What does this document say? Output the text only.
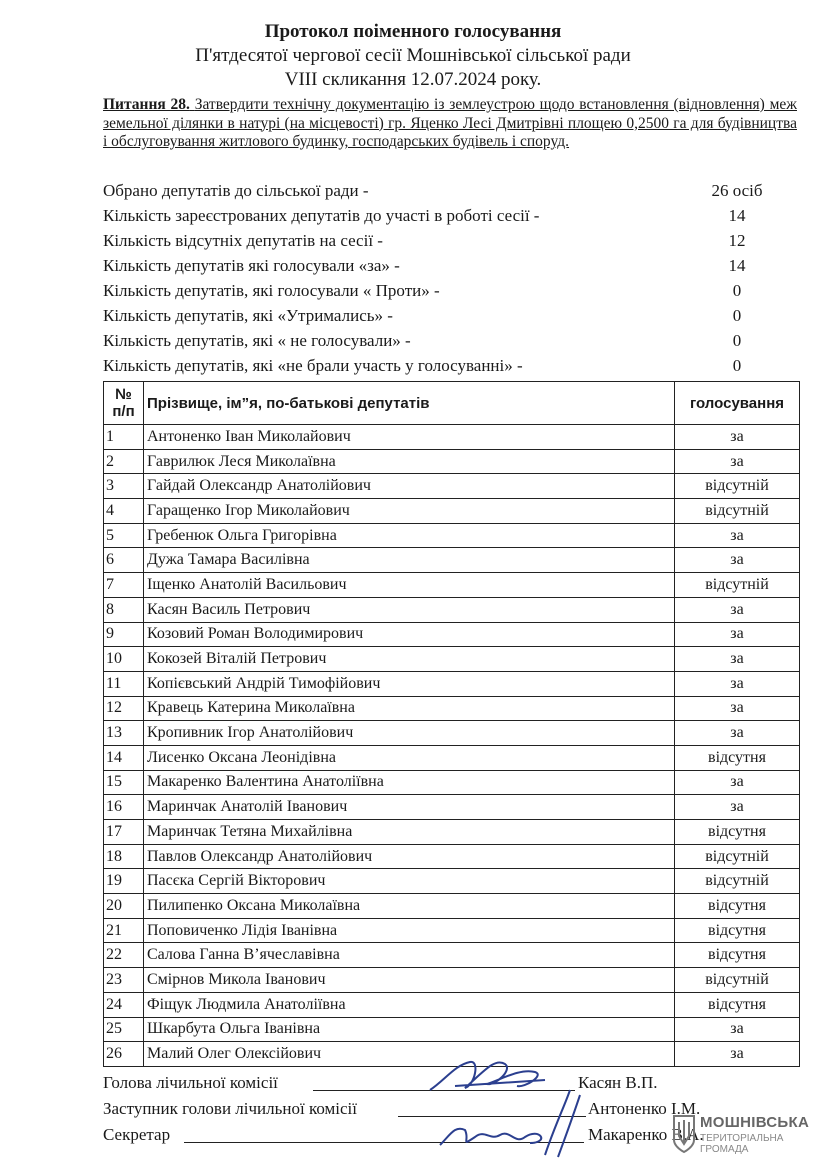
Протокол поіменного голосування
П'ятдесятої чергової сесії Мошнівської сільської ради
VIII скликання 12.07.2024 року.
Питання 28. Затвердити технічну документацію із землеустрою щодо встановлення (відновлення) меж земельної ділянки в натурі (на місцевості) гр. Яценко Лесі Дмитрівні площею 0,2500 га для будівництва і обслуговування житлового будинку, господарських будівель і споруд.
Обрано депутатів до сільської ради -	26 осіб
Кількість зареєстрованих депутатів до участі в роботі сесії -	14
Кількість відсутніх депутатів на сесії -	12
Кількість депутатів які голосували «за» -	14
Кількість депутатів, які голосували « Проти» -	0
Кількість депутатів, які «Утримались» -	0
Кількість депутатів, які « не голосували» -	0
Кількість депутатів, які «не брали участь у голосуванні» -	0
№ п/п	Прізвище, ім”я, по-батькові депутатів	голосування
1	Антоненко Іван Миколайович	за
2	Гаврилюк Леся Миколаївна	за
3	Гайдай Олександр Анатолійович	відсутній
4	Гаращенко Ігор Миколайович	відсутній
5	Гребенюк Ольга Григорівна	за
6	Дужа Тамара Василівна	за
7	Іщенко Анатолій Васильович	відсутній
8	Касян Василь Петрович	за
9	Козовий Роман Володимирович	за
10	Кокозей Віталій Петрович	за
11	Копієвський Андрій Тимофійович	за
12	Кравець Катерина Миколаївна	за
13	Кропивник Ігор Анатолійович	за
14	Лисенко Оксана Леонідівна	відсутня
15	Макаренко Валентина Анатоліївна	за
16	Маринчак Анатолій Іванович	за
17	Маринчак Тетяна Михайлівна	відсутня
18	Павлов Олександр Анатолійович	відсутній
19	Пасєка Сергій Вікторович	відсутній
20	Пилипенко Оксана Миколаївна	відсутня
21	Поповиченко Лідія Іванівна	відсутня
22	Салова Ганна В’ячеславівна	відсутня
23	Смірнов Микола Іванович	відсутній
24	Фіщук Людмила Анатоліївна	відсутня
25	Шкарбута Ольга Іванівна	за
26	Малий Олег Олексійович	за
Голова лічильної комісії	Касян В.П.
Заступник голови лічильної комісії	Антоненко І.М.
Секретар	Макаренко В.А.
МОШНІВСЬКА
ТЕРИТОРІАЛЬНА
ГРОМАДА
